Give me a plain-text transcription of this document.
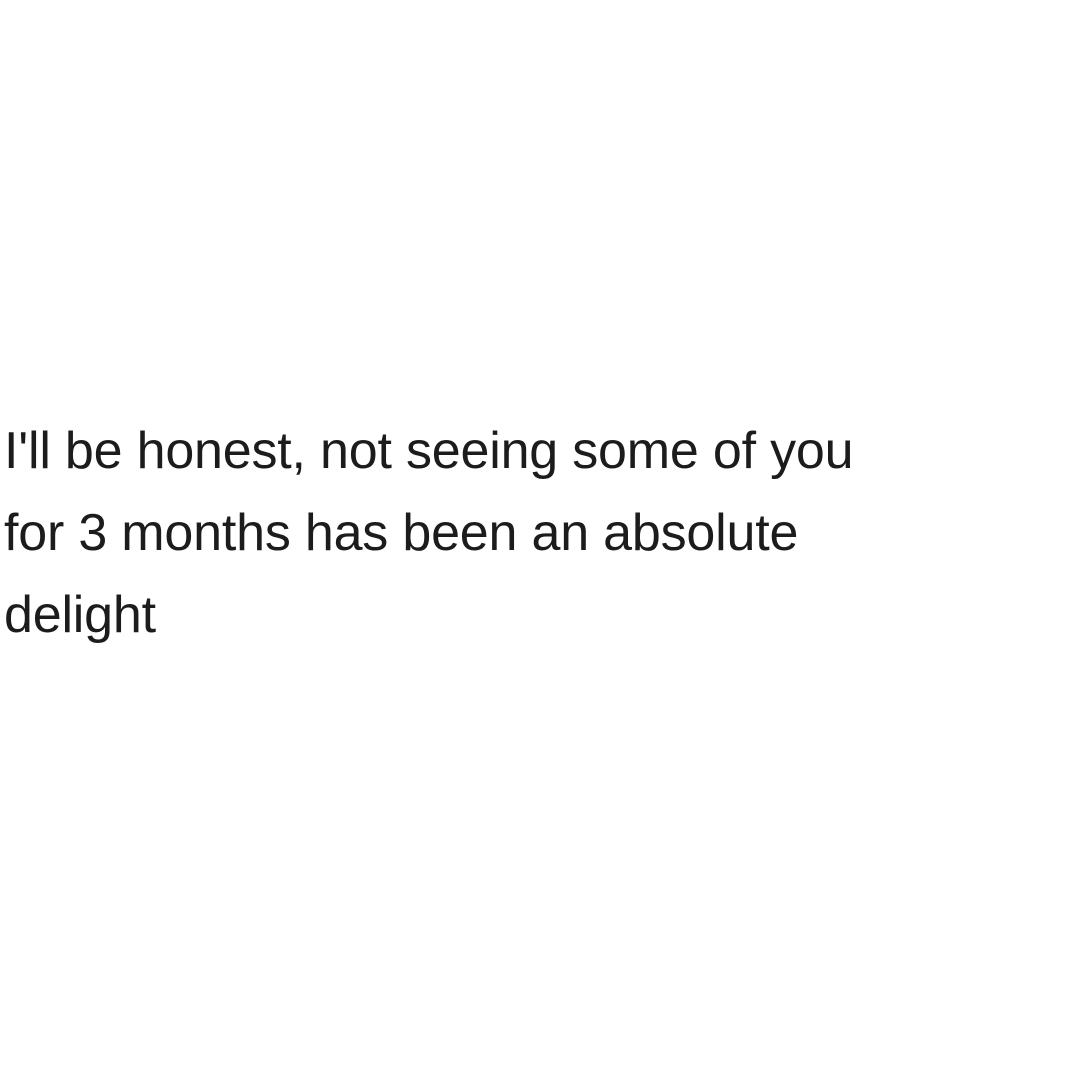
I'll be honest, not seeing some of you
for 3 months has been an absolute
delight
